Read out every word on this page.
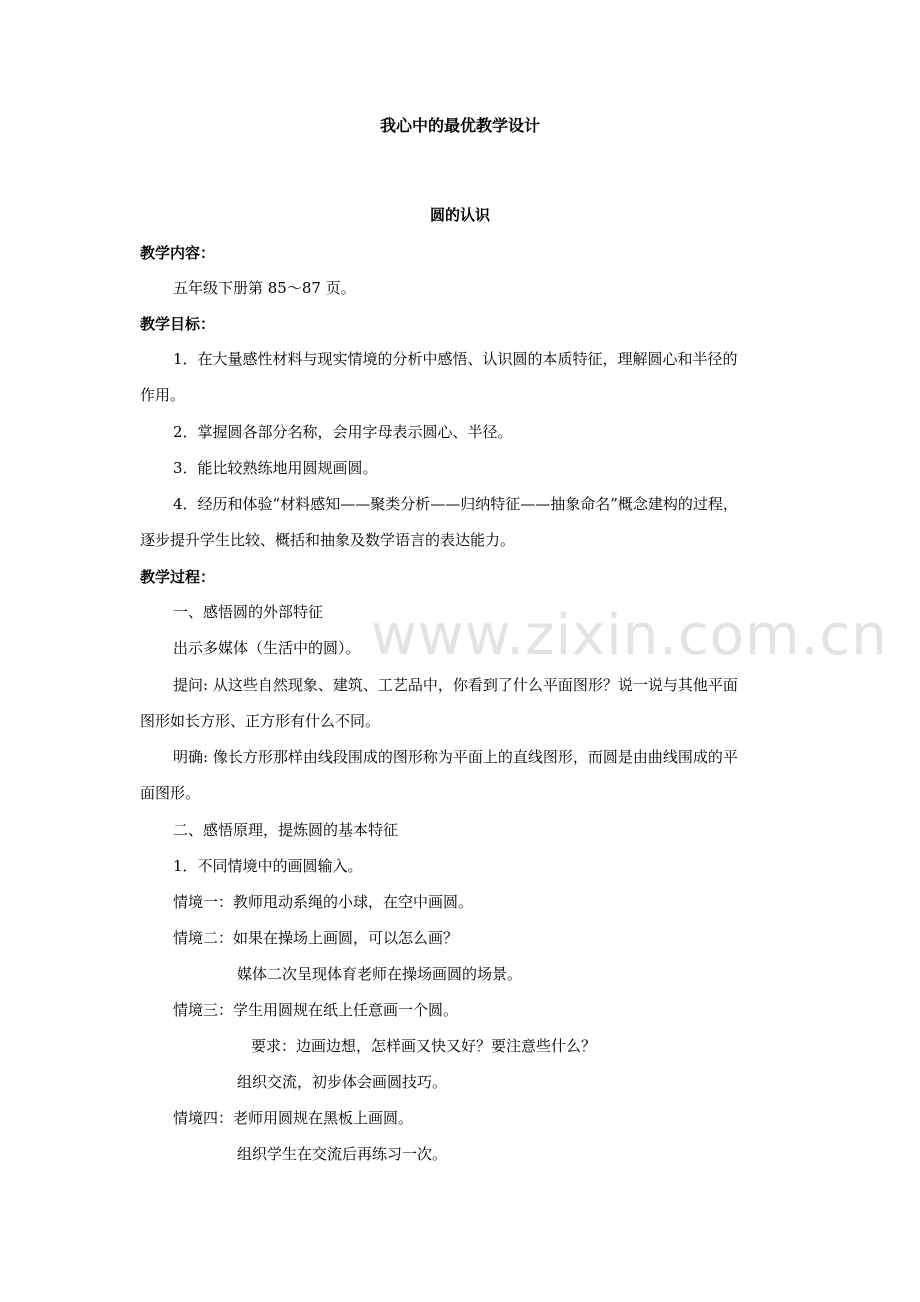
www.zixin.com.cn
我心中的最优教学设计
圆的认识
教学内容：
五年级下册第 85～87 页。
教学目标：
1．在大量感性材料与现实情境的分析中感悟、认识圆的本质特征，理解圆心和半径的
作用。
2．掌握圆各部分名称，会用字母表示圆心、半径。
3．能比较熟练地用圆规画圆。
4．经历和体验“材料感知——聚类分析——归纳特征——抽象命名”概念建构的过程，
逐步提升学生比较、概括和抽象及数学语言的表达能力。
教学过程：
一、感悟圆的外部特征
出示多媒体（生活中的圆）。
提问: 从这些自然现象、建筑、工艺品中，你看到了什么平面图形？说一说与其他平面
图形如长方形、正方形有什么不同。
明确: 像长方形那样由线段围成的图形称为平面上的直线图形，而圆是由曲线围成的平
面图形。
二、感悟原理，提炼圆的基本特征
1．不同情境中的画圆输入。
情境一：教师甩动系绳的小球，在空中画圆。
情境二：如果在操场上画圆，可以怎么画？
媒体二次呈现体育老师在操场画圆的场景。
情境三：学生用圆规在纸上任意画一个圆。
要求：边画边想，怎样画又快又好？要注意些什么？
组织交流，初步体会画圆技巧。
情境四：老师用圆规在黑板上画圆。
组织学生在交流后再练习一次。
